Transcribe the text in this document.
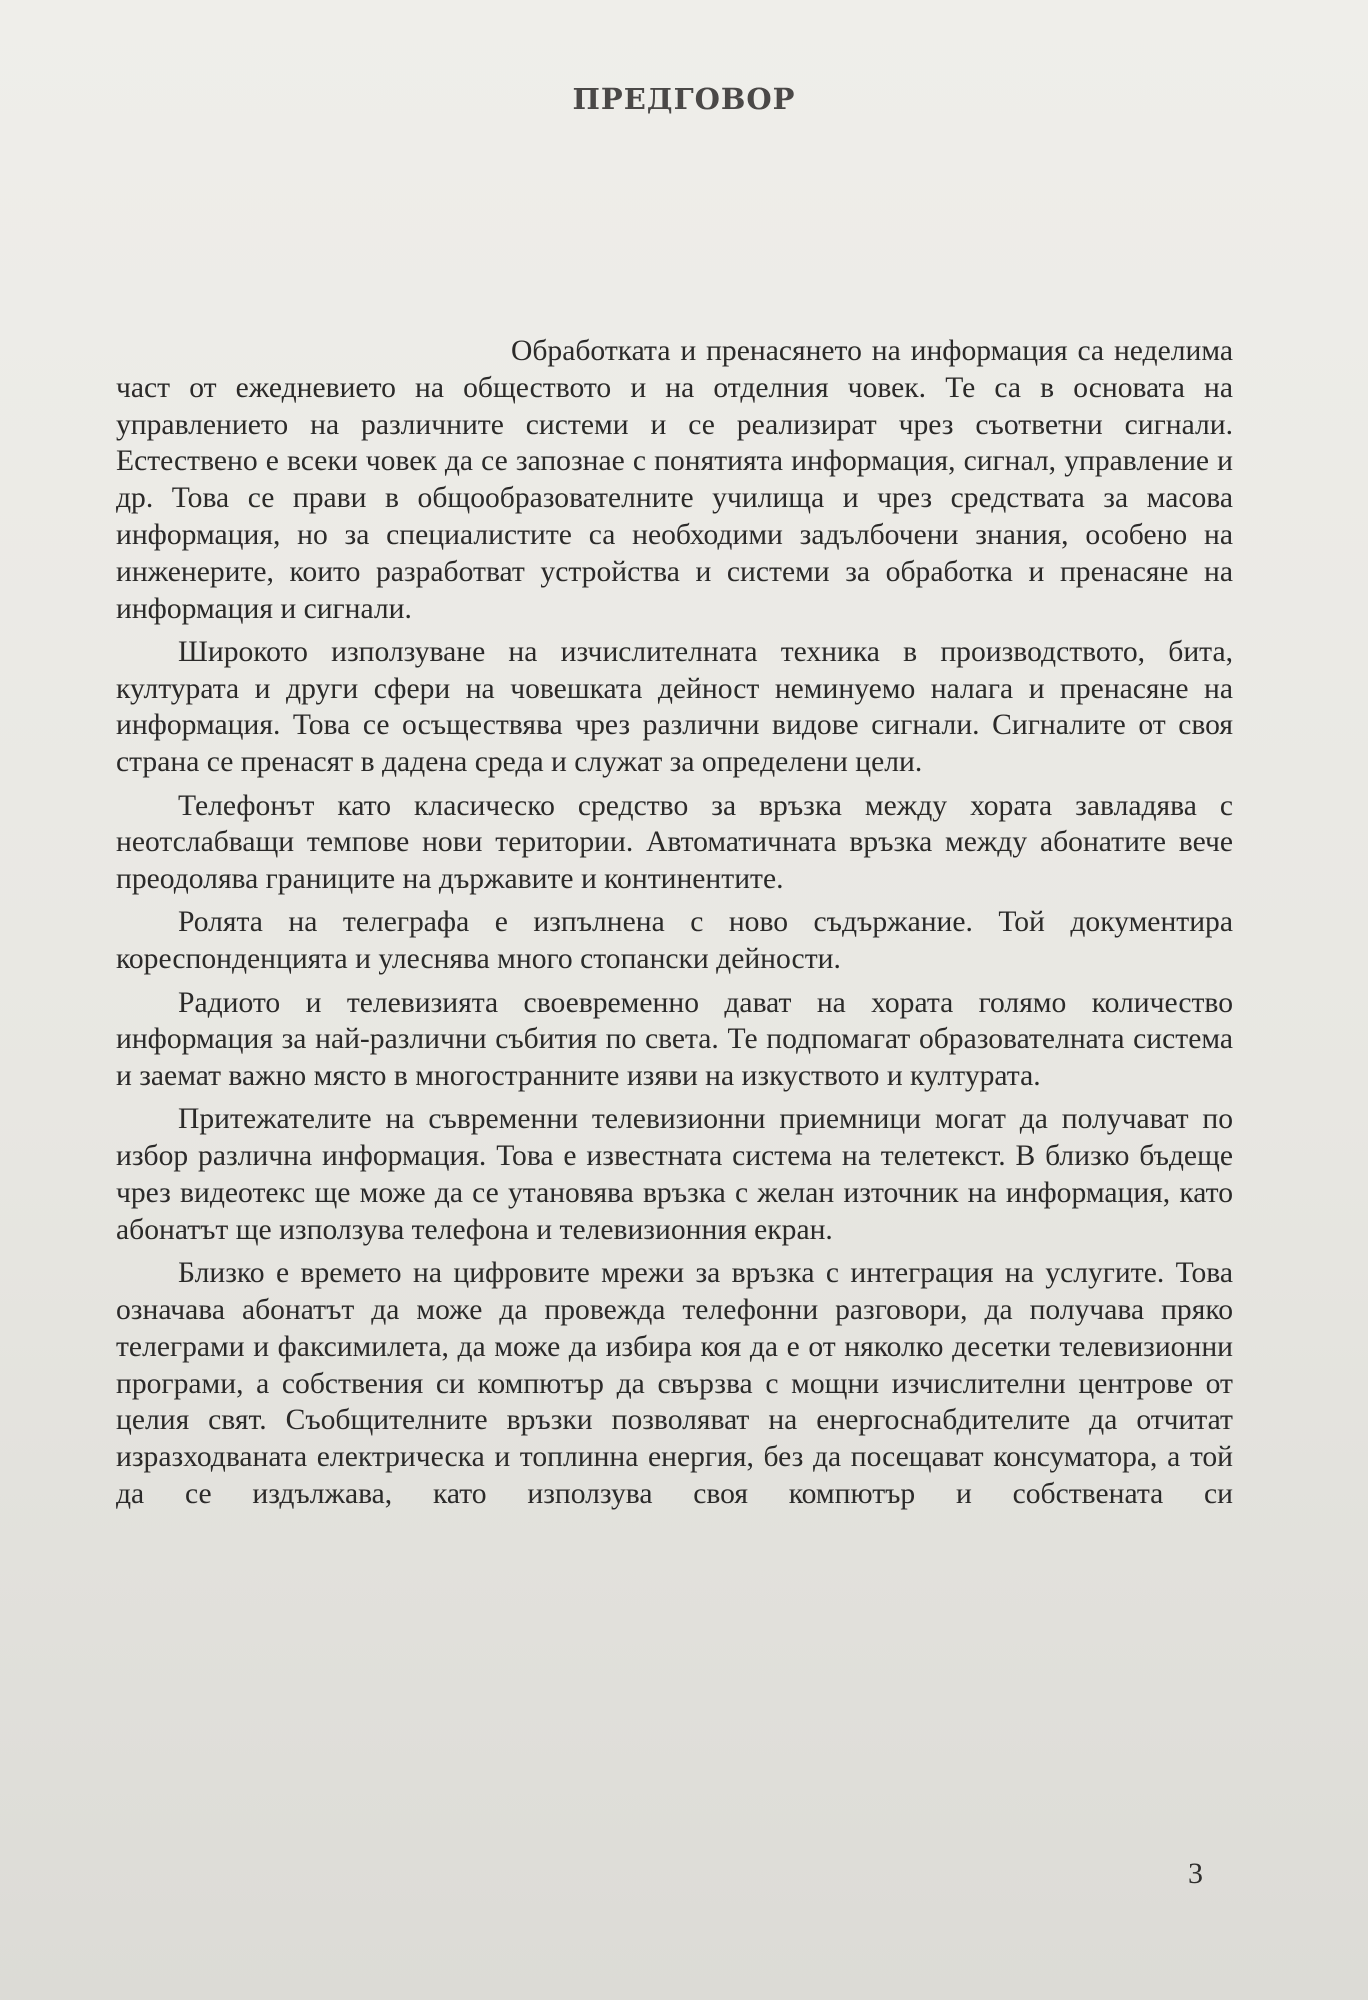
ПРЕДГОВОР

Обработката и пренасянето на информация са неделима част от ежедневието на обществото и на отделния човек. Те са в основата на управлението на различните системи и се реализират чрез съответни сигнали. Естествено е всеки човек да се запознае с понятията информация, сигнал, управление и др. Това се прави в общообразователните училища и чрез средствата за масова информация, но за специалистите са необходими задълбочени знания, особено на инженерите, които разработват устройства и системи за обработка и пренасяне на информация и сигнали.

Широкото използуване на изчислителната техника в производството, бита, културата и други сфери на човешката дейност неминуемо налага и пренасяне на информация. Това се осъществява чрез различни видове сигнали. Сигналите от своя страна се пренасят в дадена среда и служат за определени цели.

Телефонът като класическо средство за връзка между хората завладява с неотслабващи темпове нови територии. Автоматичната връзка между абонатите вече преодолява границите на държавите и континентите.

Ролята на телеграфа е изпълнена с ново съдържание. Той документира кореспонденцията и улеснява много стопански дейности.

Радиото и телевизията своевременно дават на хората голямо количество информация за най-различни събития по света. Те подпомагат образователната система и заемат важно място в многостранните изяви на изкуството и културата.

Притежателите на съвременни телевизионни приемници могат да получават по избор различна информация. Това е известната система на телетекст. В близко бъдеще чрез видеотекс ще може да се утановява връзка с желан източник на информация, като абонатът ще използува телефона и телевизионния екран.

Близко е времето на цифровите мрежи за връзка с интеграция на услугите. Това означава абонатът да може да провежда телефонни разговори, да получава пряко телеграми и факсимилета, да може да избира коя да е от няколко десетки телевизионни програми, а собствения си компютър да свързва с мощни изчислителни центрове от целия свят. Съобщителните връзки позволяват на енергоснабдителите да отчитат изразходваната електрическа и топлинна енергия, без да посещават консуматора, а той да се издължава, като използува своя компютър и собствената си

3
